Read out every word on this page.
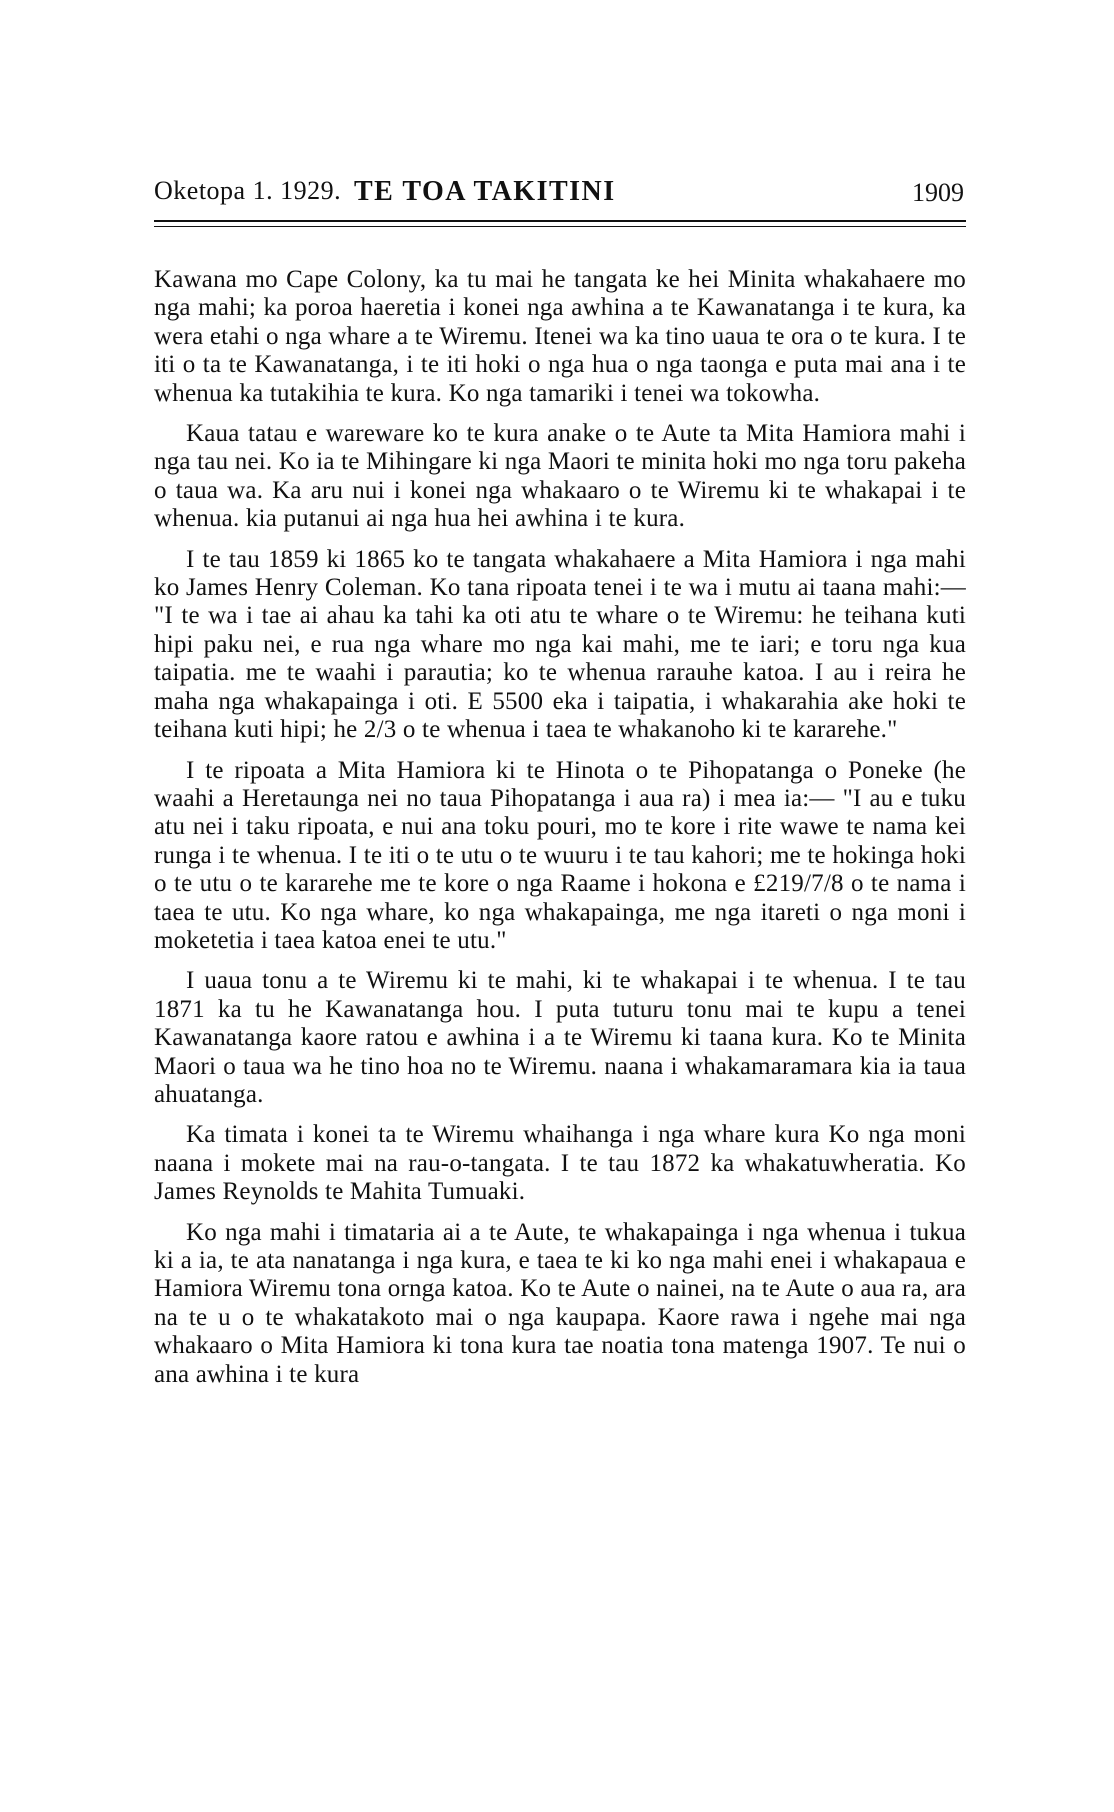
Oketopa 1. 1929. TE TOA TAKITINI	1909

Kawana mo Cape Colony, ka tu mai he tangata ke hei Minita whakahaere mo nga mahi; ka poroa haeretia i konei nga awhina a te Kawanatanga i te kura, ka wera etahi o nga whare a te Wiremu. Itenei wa ka tino uaua te ora o te kura. I te iti o ta te Kawanatanga, i te iti hoki o nga hua o nga taonga e puta mai ana i te whenua ka tutakihia te kura. Ko nga tamariki i tenei wa tokowha.

Kaua tatau e wareware ko te kura anake o te Aute ta Mita Hamiora mahi i nga tau nei. Ko ia te Mihingare ki nga Maori te minita hoki mo nga toru pakeha o taua wa. Ka aru nui i konei nga whakaaro o te Wiremu ki te whakapai i te whenua. kia putanui ai nga hua hei awhina i te kura.

I te tau 1859 ki 1865 ko te tangata whakahaere a Mita Hamiora i nga mahi ko James Henry Coleman. Ko tana ripoata tenei i te wa i mutu ai taana mahi:— "I te wa i tae ai ahau ka tahi ka oti atu te whare o te Wiremu: he teihana kuti hipi paku nei, e rua nga whare mo nga kai mahi, me te iari; e toru nga kua taipatia. me te waahi i parautia; ko te whenua rarauhe katoa. I au i reira he maha nga whakapainga i oti. E 5500 eka i taipatia, i whakarahia ake hoki te teihana kuti hipi; he 2/3 o te whenua i taea te whakanoho ki te kararehe."

I te ripoata a Mita Hamiora ki te Hinota o te Pihopatanga o Poneke (he waahi a Heretaunga nei no taua Pihopatanga i aua ra) i mea ia:— "I au e tuku atu nei i taku ripoata, e nui ana toku pouri, mo te kore i rite wawe te nama kei runga i te whenua. I te iti o te utu o te wuuru i te tau kahori; me te hokinga hoki o te utu o te kararehe me te kore o nga Raame i hokona e £219/7/8 o te nama i taea te utu. Ko nga whare, ko nga whakapainga, me nga itareti o nga moni i moketetia i taea katoa enei te utu."

I uaua tonu a te Wiremu ki te mahi, ki te whakapai i te whenua. I te tau 1871 ka tu he Kawanatanga hou. I puta tuturu tonu mai te kupu a tenei Kawanatanga kaore ratou e awhina i a te Wiremu ki taana kura. Ko te Minita Maori o taua wa he tino hoa no te Wiremu. naana i whakamaramara kia ia taua ahuatanga.

Ka timata i konei ta te Wiremu whaihanga i nga whare kura Ko nga moni naana i mokete mai na rau-o-tangata. I te tau 1872 ka whakatuwheratia. Ko James Reynolds te Mahita Tumuaki.

Ko nga mahi i timataria ai a te Aute, te whakapainga i nga whenua i tukua ki a ia, te ata nanatanga i nga kura, e taea te ki ko nga mahi enei i whakapaua e Hamiora Wiremu tona ornga katoa. Ko te Aute o nainei, na te Aute o aua ra, ara na te u o te whakatakoto mai o nga kaupapa. Kaore rawa i ngehe mai nga whakaaro o Mita Hamiora ki tona kura tae noatia tona matenga 1907. Te nui o ana awhina i te kura
